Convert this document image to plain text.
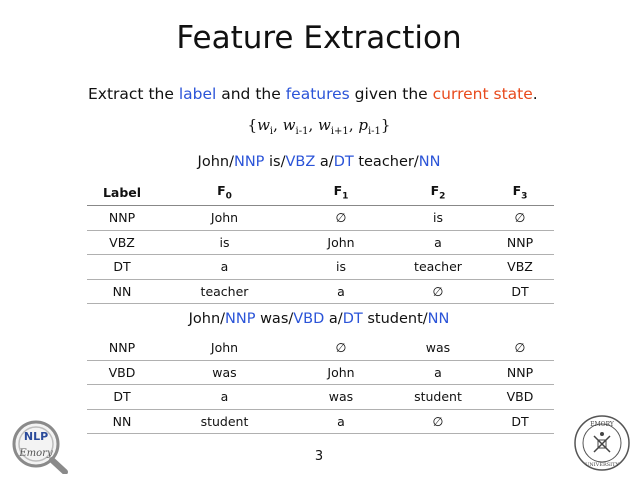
Feature Extraction
Extract the label and the features given the current state.
{$w_i$, $w_{i-1}$, $w_{i+1}$, $p_{i-1}$}
John/NNP is/VBZ a/DT teacher/NN
Label	$F_0$	$F_1$	$F_2$	$F_3$
NNP	John	∅	is	∅
VBZ	is	John	a	NNP
DT	a	is	teacher	VBZ
NN	teacher	a	∅	DT
John/NNP was/VBD a/DT student/NN
NNP	John	∅	was	∅
VBD	was	John	a	NNP
DT	a	was	student	VBD
NN	student	a	∅	DT
3
NLP
Emory
EMORY
UNIVERSITY
